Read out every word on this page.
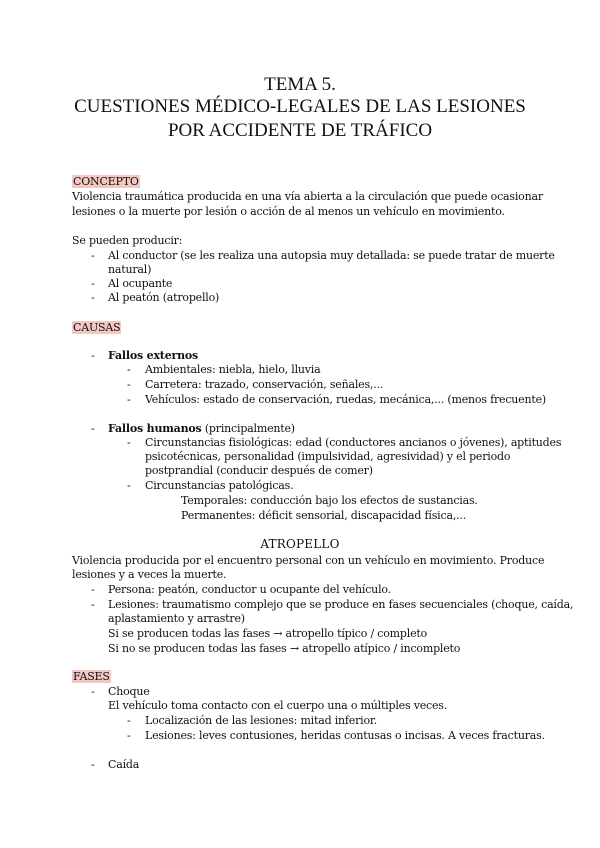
TEMA 5.
CUESTIONES MÉDICO-LEGALES DE LAS LESIONES
POR ACCIDENTE DE TRÁFICO
CONCEPTO
Violencia traumática producida en una vía abierta a la circulación que puede ocasionar
lesiones o la muerte por lesión o acción de al menos un vehículo en movimiento.
Se pueden producir:
- Al conductor (se les realiza una autopsia muy detallada: se puede tratar de muerte
natural)
- Al ocupante
- Al peatón (atropello)
CAUSAS
- Fallos externos
- Ambientales: niebla, hielo, lluvia
- Carretera: trazado, conservación, señales,...
- Vehículos: estado de conservación, ruedas, mecánica,... (menos frecuente)
- Fallos humanos (principalmente)
- Circunstancias fisiológicas: edad (conductores ancianos o jóvenes), aptitudes
psicotécnicas, personalidad (impulsividad, agresividad) y el periodo
postprandial (conducir después de comer)
- Circunstancias patológicas.
Temporales: conducción bajo los efectos de sustancias.
Permanentes: déficit sensorial, discapacidad física,...
ATROPELLO
Violencia producida por el encuentro personal con un vehículo en movimiento. Produce
lesiones y a veces la muerte.
- Persona: peatón, conductor u ocupante del vehículo.
- Lesiones: traumatismo complejo que se produce en fases secuenciales (choque, caída,
aplastamiento y arrastre)
Si se producen todas las fases → atropello típico / completo
Si no se producen todas las fases → atropello atípico / incompleto
FASES
- Choque
El vehículo toma contacto con el cuerpo una o múltiples veces.
- Localización de las lesiones: mitad inferior.
- Lesiones: leves contusiones, heridas contusas o incisas. A veces fracturas.
- Caída
